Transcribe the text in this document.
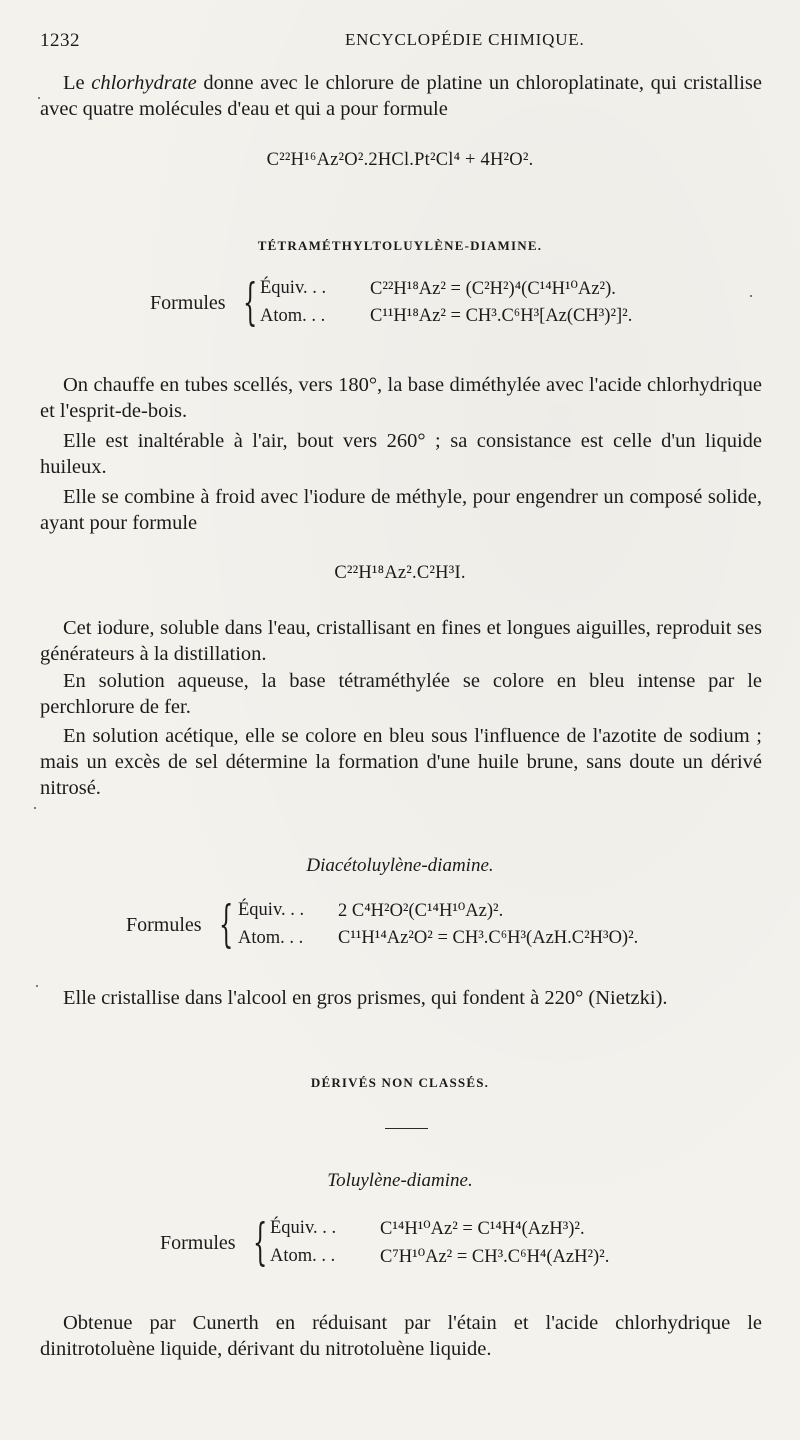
1232	ENCYCLOPÉDIE CHIMIQUE.

Le chlorhydrate donne avec le chlorure de platine un chloroplatinate, qui cristallise avec quatre molécules d'eau et qui a pour formule

C²²H¹⁶Az²O².2HCl.Pt²Cl⁴ + 4H²O².
TÉTRAMÉTHYLTOLUYLÈNE-DIAMINE.
Formules { Équiv. . . C²²H¹⁸Az² = (C²H²)⁴(C¹⁴H¹⁰Az²).
Atom. . . C¹¹H¹⁸Az² = CH³.C⁶H³[Az(CH³)²]².

On chauffe en tubes scellés, vers 180°, la base diméthylée avec l'acide chlorhydrique et l'esprit-de-bois.

Elle est inaltérable à l'air, bout vers 260° ; sa consistance est celle d'un liquide huileux.

Elle se combine à froid avec l'iodure de méthyle, pour engendrer un composé solide, ayant pour formule

C²²H¹⁸Az².C²H³I.

Cet iodure, soluble dans l'eau, cristallisant en fines et longues aiguilles, reproduit ses générateurs à la distillation.

En solution aqueuse, la base tétraméthylée se colore en bleu intense par le perchlorure de fer.

En solution acétique, elle se colore en bleu sous l'influence de l'azotite de sodium ; mais un excès de sel détermine la formation d'une huile brune, sans doute un dérivé nitrosé.

Diacétoluylène-diamine.
Formules { Équiv. . . 2 C⁴H²O²(C¹⁴H¹⁰Az)².
Atom. . . C¹¹H¹⁴Az²O² = CH³.C⁶H³(AzH.C²H³O)².

Elle cristallise dans l'alcool en gros prismes, qui fondent à 220° (Nietzki).

DÉRIVÉS NON CLASSÉS.
Toluylène-diamine.
Formules { Équiv. . . C¹⁴H¹⁰Az² = C¹⁴H⁴(AzH³)².
Atom. . . C⁷H¹⁰Az² = CH³.C⁶H⁴(AzH²)².

Obtenue par Cunerth en réduisant par l'étain et l'acide chlorhydrique le dinitrotoluène liquide, dérivant du nitrotoluène liquide.
